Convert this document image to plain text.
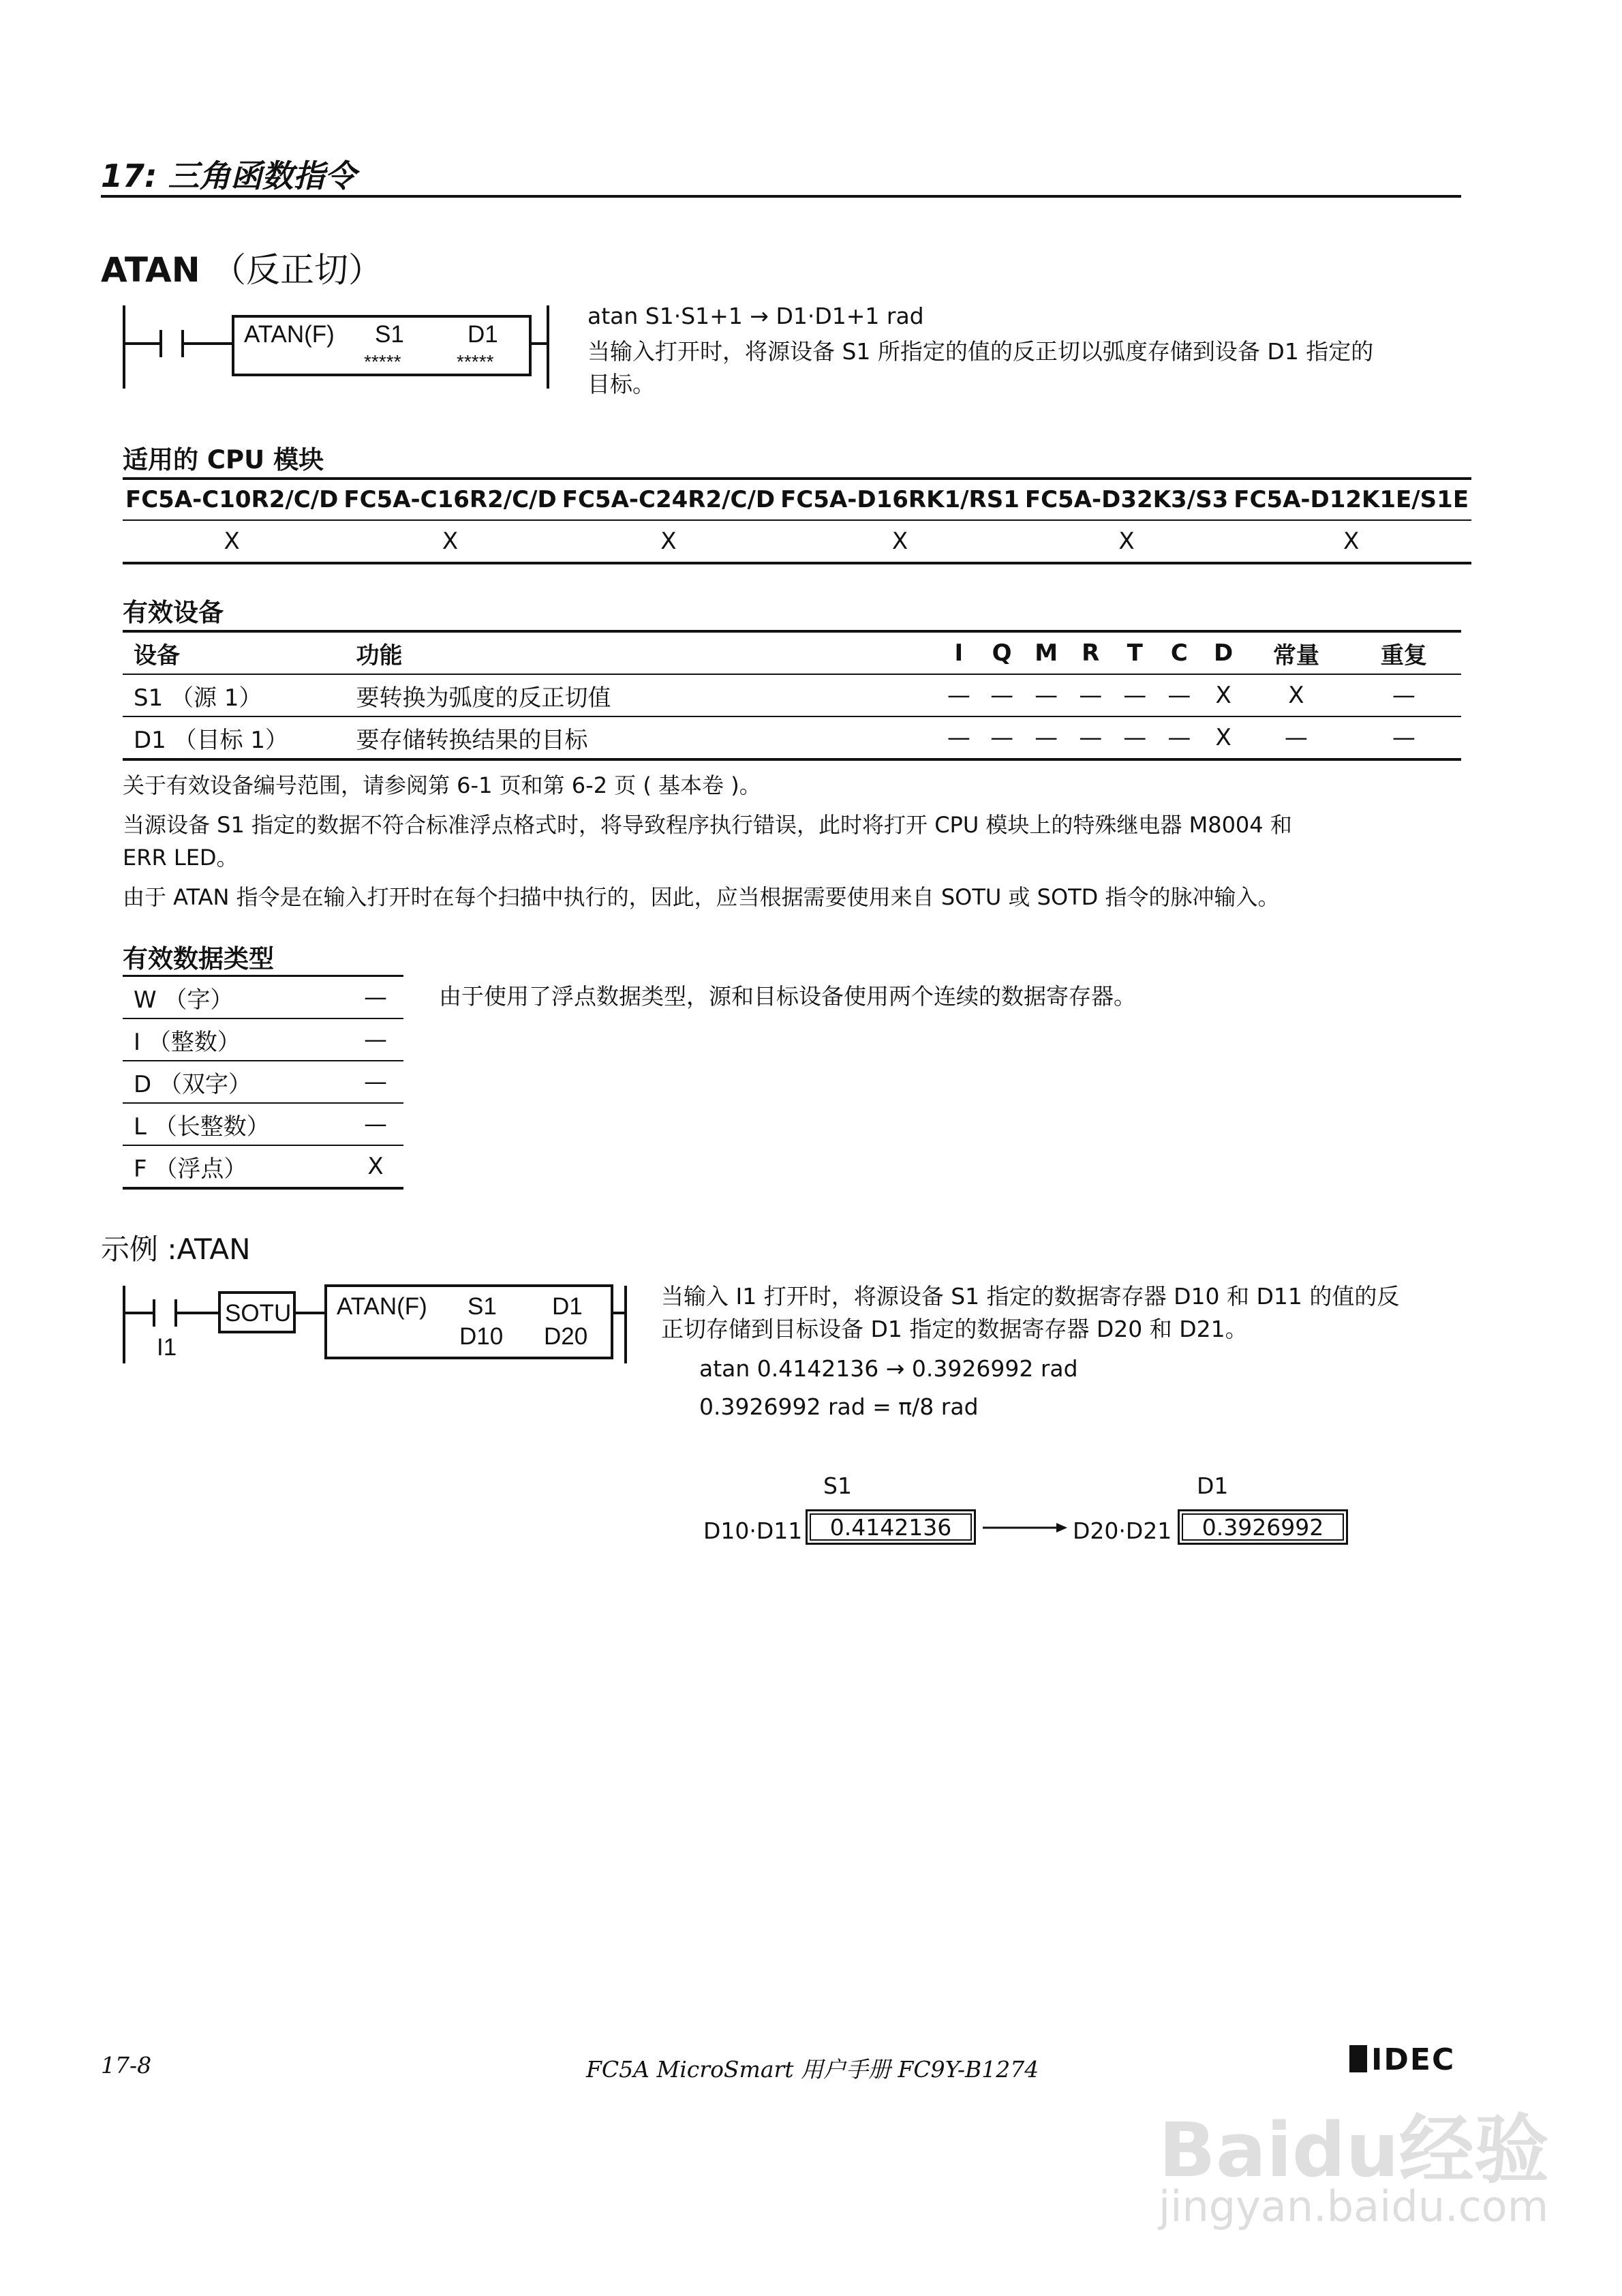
17: 三角函数指令
ATAN （反正切）
ATAN(F) S1	D1
*****	*****
atan S1·S1+1 → D1·D1+1 rad
当输入打开时，将源设备 S1 所指定的值的反正切以弧度存储到设备 D1 指定的
目标。
适用的 CPU 模块
FC5A-C10R2/C/D	FC5A-C16R2/C/D	FC5A-C24R2/C/D	FC5A-D16RK1/RS1	FC5A-D32K3/S3	FC5A-D12K1E/S1E
X	X	X	X	X	X
有效设备
设备	功能	I	Q	M	R	T	C	D	常量	重复
S1 （源 1）	要转换为弧度的反正切值	—	—	—	—	—	—	X	X	—
D1 （目标 1）	要存储转换结果的目标	—	—	—	—	—	—	X	—	—
关于有效设备编号范围，请参阅第 6-1 页和第 6-2 页 ( 基本卷 )。
当源设备 S1 指定的数据不符合标准浮点格式时，将导致程序执行错误，此时将打开 CPU 模块上的特殊继电器 M8004 和
ERR LED。
由于 ATAN 指令是在输入打开时在每个扫描中执行的，因此，应当根据需要使用来自 SOTU 或 SOTD 指令的脉冲输入。
有效数据类型
W （字）	—
I （整数）	—
D （双字）	—
L （长整数）	—
F （浮点）	X
由于使用了浮点数据类型，源和目标设备使用两个连续的数据寄存器。
示例 :ATAN
I1
SOTU ATAN(F) S1 D1
D10 D20
当输入 I1 打开时，将源设备 S1 指定的数据寄存器 D10 和 D11 的值的反
正切存储到目标设备 D1 指定的数据寄存器 D20 和 D21。
atan 0.4142136 → 0.3926992 rad
0.3926992 rad = π/8 rad
S1	D1
D10·D11	0.4142136	D20·D21	0.3926992
Baidu经验
jingyan.baidu.com
17-8	FC5A MicroSmart 用户手册 FC9Y-B1274	IDEC
